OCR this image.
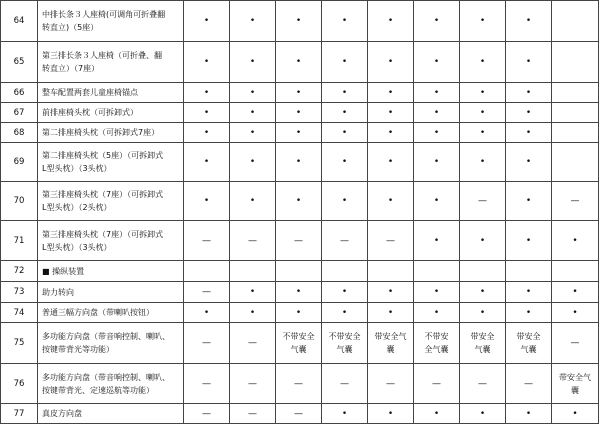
64	中排长条３人座椅(可调角可折叠翻
转直立)（5座）	•	•	•	•	•	•	•	•	
65	第三排长条３人座椅（可折叠、翻
转直立）（7座）	•	•	•	•	•	•	•	•	
66	整车配置两套儿童座椅锚点	•	•	•	•	•	•	•	•	
67	前排座椅头枕（可拆卸式）	•	•	•	•	•	•	•	•	
68	第二排座椅头枕（可拆卸式7座）	•	•	•	•	•	•	•	•	
69	第二排座椅头枕（5座）（可拆卸式
L型头枕）（3头枕）	•	•	•	•	•	•	•	•	
70	第三排座椅头枕（7座）（可拆卸式
L型头枕）（2头枕）	•	•	•	•	•	•	—	•	—
71	第三排座椅头枕（7座）（可拆卸式
L型头枕）（3头枕）	—	—	—	—	—	•	•	•	•
72	■ 操纵装置									

73	助力转向	—	•	•	•	•	•	•	•	•
74	普通三幅方向盘（带喇叭按钮）	•	•	•	•	•	•	•	•	•
75	多功能方向盘（带音响控制、喇叭、
按键带背光等功能）	—	—	不带安全
气囊	不带安全
气囊	带安全气
囊	不带安
全气囊	带安全
气囊	带安全
气囊	—
76	多功能方向盘（带音响控制、喇叭、
按键带背光、定速巡航等功能）	—	—	—	—	—	—	—	—	带安全气
囊
77	真皮方向盘	—	—	—	•	•	•	•	•	•
